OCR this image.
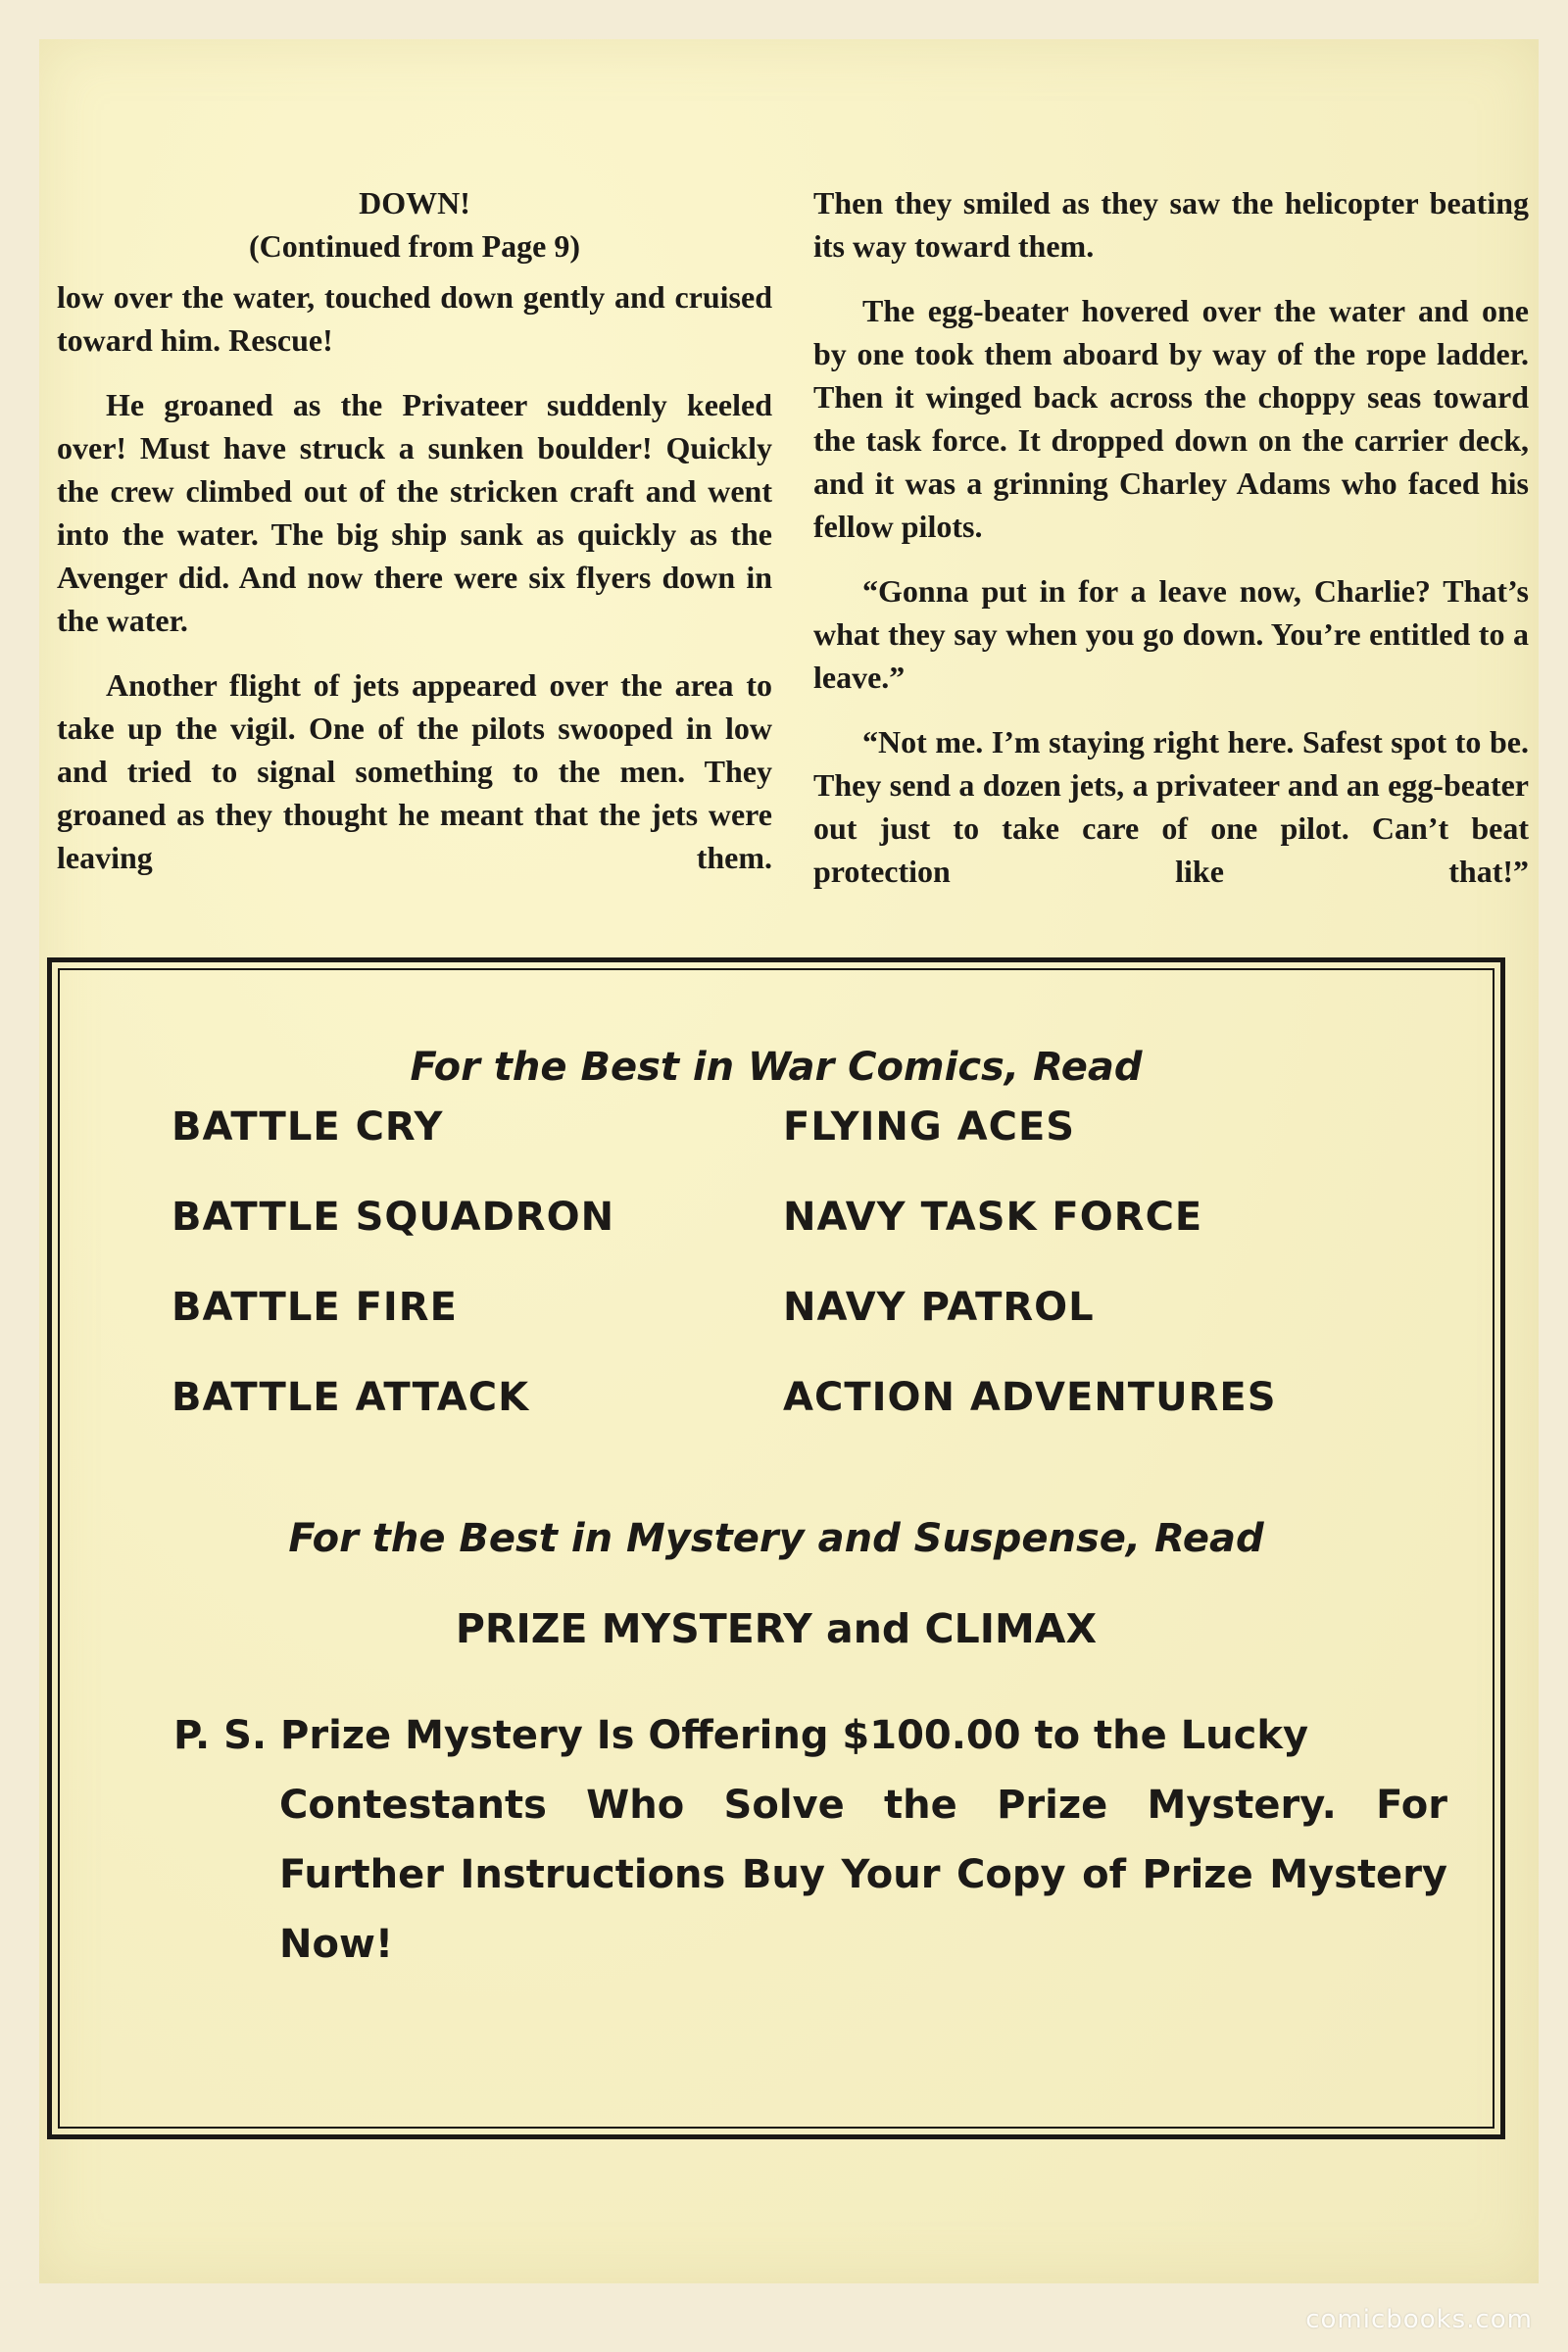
DOWN!
(Continued from Page 9)

low over the water, touched down gently and cruised toward him. Rescue!

He groaned as the Privateer suddenly keeled over! Must have struck a sunken boulder! Quickly the crew climbed out of the stricken craft and went into the water. The big ship sank as quickly as the Avenger did. And now there were six flyers down in the water.

Another flight of jets appeared over the area to take up the vigil. One of the pilots swooped in low and tried to signal something to the men. They groaned as they thought he meant that the jets were leaving them.

Then they smiled as they saw the helicopter beating its way toward them.

The egg-beater hovered over the water and one by one took them aboard by way of the rope ladder. Then it winged back across the choppy seas toward the task force. It dropped down on the carrier deck, and it was a grinning Charley Adams who faced his fellow pilots.

“Gonna put in for a leave now, Charlie? That’s what they say when you go down. You’re entitled to a leave.”

“Not me. I’m staying right here. Safest spot to be. They send a dozen jets, a privateer and an egg-beater out just to take care of one pilot. Can’t beat protection like that!”

For the Best in War Comics, Read
BATTLE CRY
BATTLE SQUADRON
BATTLE FIRE
BATTLE ATTACK
FLYING ACES
NAVY TASK FORCE
NAVY PATROL
ACTION ADVENTURES
For the Best in Mystery and Suspense, Read
PRIZE MYSTERY and CLIMAX
P. S. Prize Mystery Is Offering $100.00 to the Lucky
Contestants Who Solve the Prize Mystery. For Further Instructions Buy Your Copy of Prize Mystery Now!
comicbooks.com
